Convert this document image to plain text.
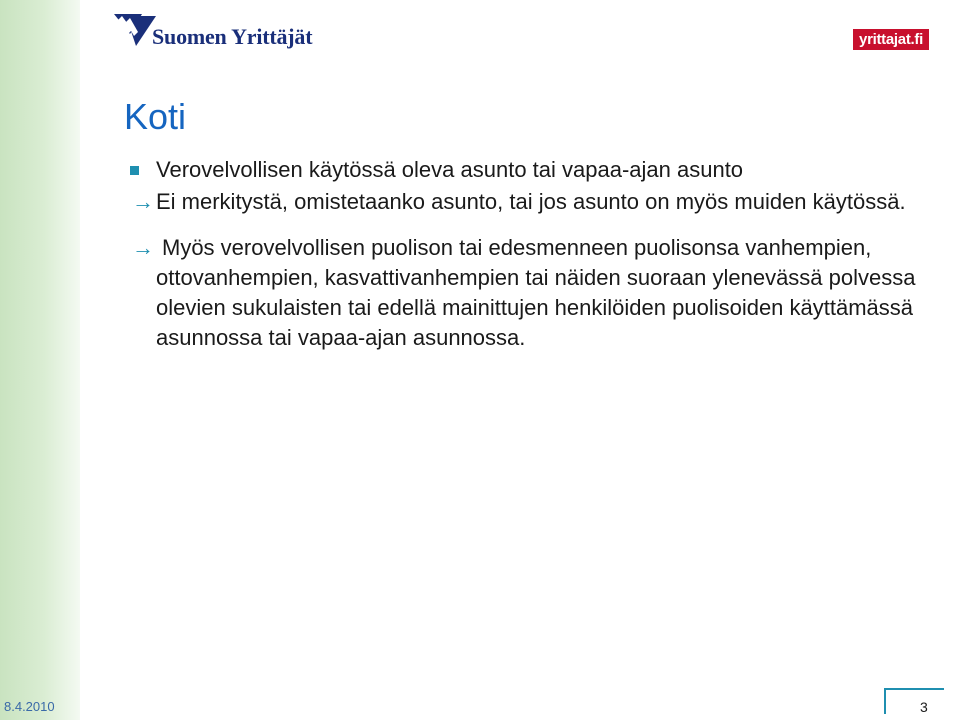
Suomen Yrittäjät	yrittajat.fi
Koti
Verovelvollisen käytössä oleva asunto tai vapaa-ajan asunto
→ Ei merkitystä, omistetaanko asunto, tai jos asunto on myös muiden käytössä.
→ Myös verovelvollisen puolison tai edesmenneen puolisonsa vanhempien, ottovanhempien, kasvattivanhempien tai näiden suoraan ylenevässä polvessa olevien sukulaisten tai edellä mainittujen henkilöiden puolisoiden käyttämässä asunnossa tai vapaa-ajan asunnossa.
8.4.2010	3
